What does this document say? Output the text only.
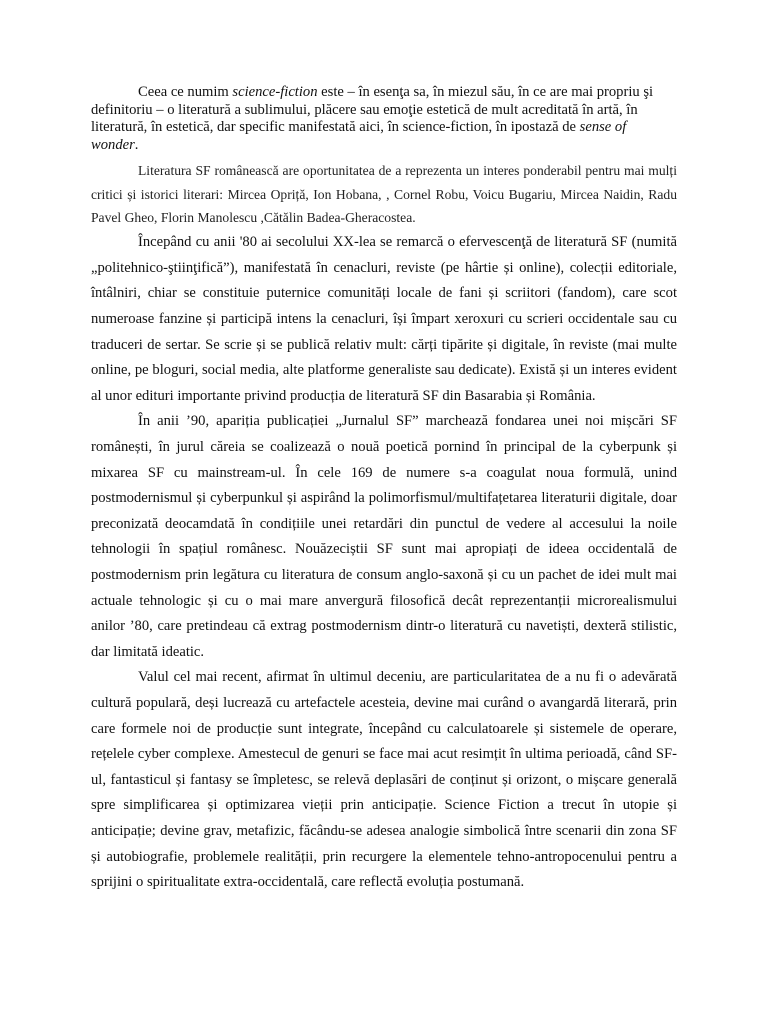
Ceea ce numim science-fiction este – în esenţa sa, în miezul său, în ce are mai propriu şi definitoriu – o literatură a sublimului, plăcere sau emoţie estetică de mult acreditată în artă, în literatură, în estetică, dar specific manifestată aici, în science-fiction, în ipostază de sense of wonder.

Literatura SF românească are oportunitatea de a reprezenta un interes ponderabil pentru mai mulți critici și istorici literari: Mircea Opriță, Ion Hobana, , Cornel Robu, Voicu Bugariu, Mircea Naidin, Radu Pavel Gheo, Florin Manolescu ,Cătălin Badea-Gheracostea.

Începând cu anii '80 ai secolului XX-lea se remarcă o efervescenţă de literatură SF (numită „politehnico-ştiinţifică”), manifestată în cenacluri, reviste (pe hârtie și online), colecții editoriale, întâlniri, chiar se constituie puternice comunități locale de fani și scriitori (fandom), care scot numeroase fanzine și participă intens la cenacluri, își împart xeroxuri cu scrieri occidentale sau cu traduceri de sertar. Se scrie și se publică relativ mult: cărți tipărite și digitale, în reviste (mai multe online, pe bloguri, social media, alte platforme generaliste sau dedicate). Există și un interes evident al unor edituri importante privind producția de literatură SF din Basarabia și România.

În anii ’90, apariția publicației „Jurnalul SF” marchează fondarea unei noi mișcări SF românești, în jurul căreia se coalizează o nouă poetică pornind în principal de la cyberpunk și mixarea SF cu mainstream-ul. În cele 169 de numere s-a coagulat noua formulă, unind postmodernismul și cyberpunkul și aspirând la polimorfismul/multifațetarea literaturii digitale, doar preconizată deocamdată în condițiile unei retardări din punctul de vedere al accesului la noile tehnologii în spațiul românesc. Nouăzeciștii SF sunt mai apropiați de ideea occidentală de postmodernism prin legătura cu literatura de consum anglo-saxonă și cu un pachet de idei mult mai actuale tehnologic și cu o mai mare anvergură filosofică decât reprezentanții microrealismului anilor ’80, care pretindeau că extrag postmodernism dintr-o literatură cu navetiști, dexteră stilistic, dar limitată ideatic.

Valul cel mai recent, afirmat în ultimul deceniu, are particularitatea de a nu fi o adevărată cultură populară, deși lucrează cu artefactele acesteia, devine mai curând o avangardă literară, prin care formele noi de producție sunt integrate, începând cu calculatoarele și sistemele de operare, rețelele cyber complexe. Amestecul de genuri se face mai acut resimțit în ultima perioadă, când SF-ul, fantasticul și fantasy se împletesc, se relevă deplasări de conținut și orizont, o mișcare generală spre simplificarea și optimizarea vieții prin anticipație. Science Fiction a trecut în utopie și anticipație; devine grav, metafizic, făcându-se adesea analogie simbolică între scenarii din zona SF și autobiografie, problemele realității, prin recurgere la elementele tehno-antropocenului pentru a sprijini o spiritualitate extra-occidentală, care reflectă evoluția postumană.
